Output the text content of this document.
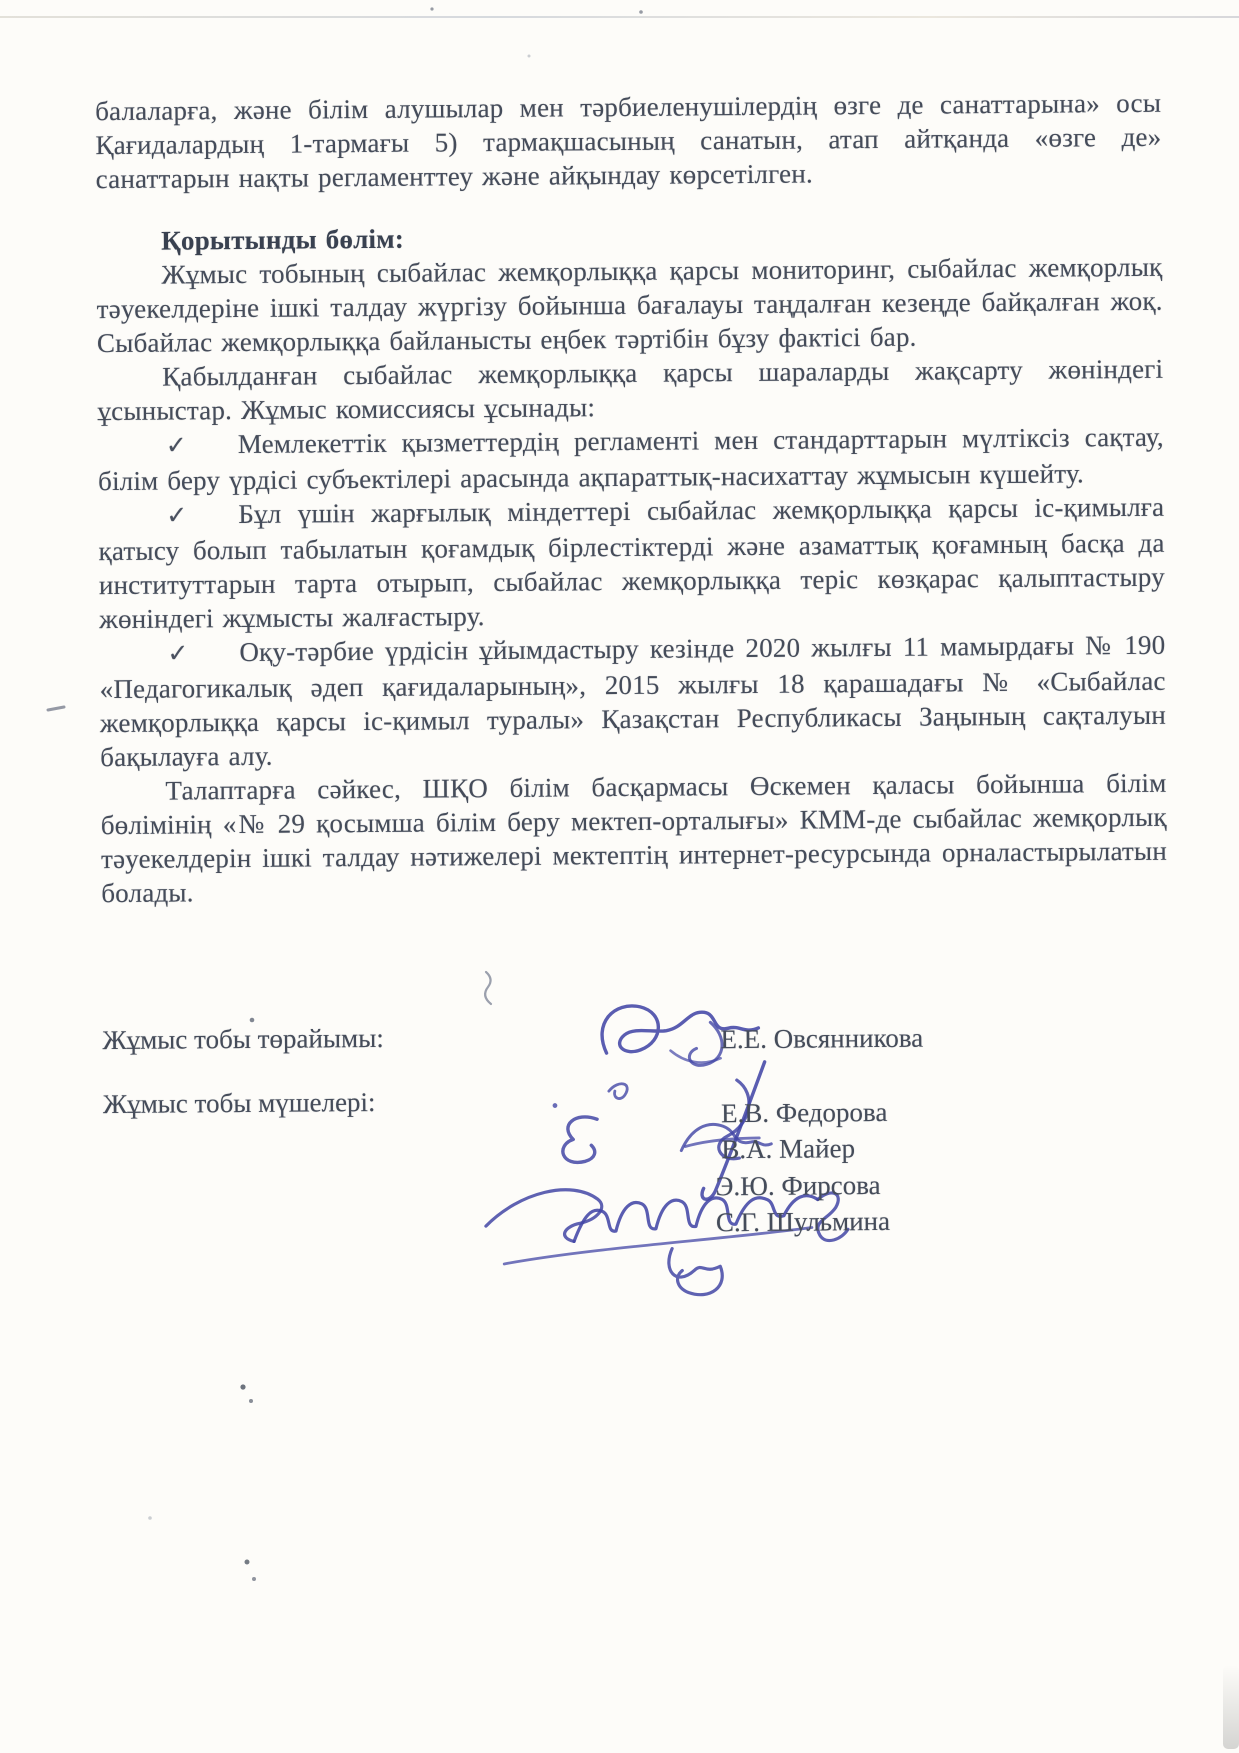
балаларға, және білім алушылар мен тәрбиеленушілердің өзге де санаттарына» осы Қағидалардың 1-тармағы 5) тармақшасының санатын, атап айтқанда «өзге де» санаттарын нақты регламенттеу және айқындау көрсетілген.

Қорытынды бөлім:

Жұмыс тобының сыбайлас жемқорлыққа қарсы мониторинг, сыбайлас жемқорлық тәуекелдеріне ішкі талдау жүргізу бойынша бағалауы таңдалған кезеңде байқалған жоқ. Сыбайлас жемқорлыққа байланысты еңбек тәртібін бұзу фактісі бар.

Қабылданған сыбайлас жемқорлыққа қарсы шараларды жақсарту жөніндегі ұсыныстар. Жұмыс комиссиясы ұсынады:

✓ Мемлекеттік қызметтердің регламенті мен стандарттарын мүлтіксіз сақтау, білім беру үрдісі субъектілері арасында ақпараттық-насихаттау жұмысын күшейту.

✓ Бұл үшін жарғылық міндеттері сыбайлас жемқорлыққа қарсы іс-қимылға қатысу болып табылатын қоғамдық бірлестіктерді және азаматтық қоғамның басқа да институттарын тарта отырып, сыбайлас жемқорлыққа теріс көзқарас қалыптастыру жөніндегі жұмысты жалғастыру.

✓ Оқу-тәрбие үрдісін ұйымдастыру кезінде 2020 жылғы 11 мамырдағы № 190 «Педагогикалық әдеп қағидаларының», 2015 жылғы 18 қарашадағы № «Сыбайлас жемқорлыққа қарсы іс-қимыл туралы» Қазақстан Республикасы Заңының сақталуын бақылауға алу.

Талаптарға сәйкес, ШҚО білім басқармасы Өскемен қаласы бойынша білім бөлімінің «№ 29 қосымша білім беру мектеп-орталығы» КММ-де сыбайлас жемқорлық тәуекелдерін ішкі талдау нәтижелері мектептің интернет-ресурсында орналастырылатын болады.

Жұмыс тобы төрайымы:	Е.Е. Овсянникова
Жұмыс тобы мүшелері:	Е.В. Федорова
В.А. Майер
Э.Ю. Фирсова
С.Г. Шульмина
